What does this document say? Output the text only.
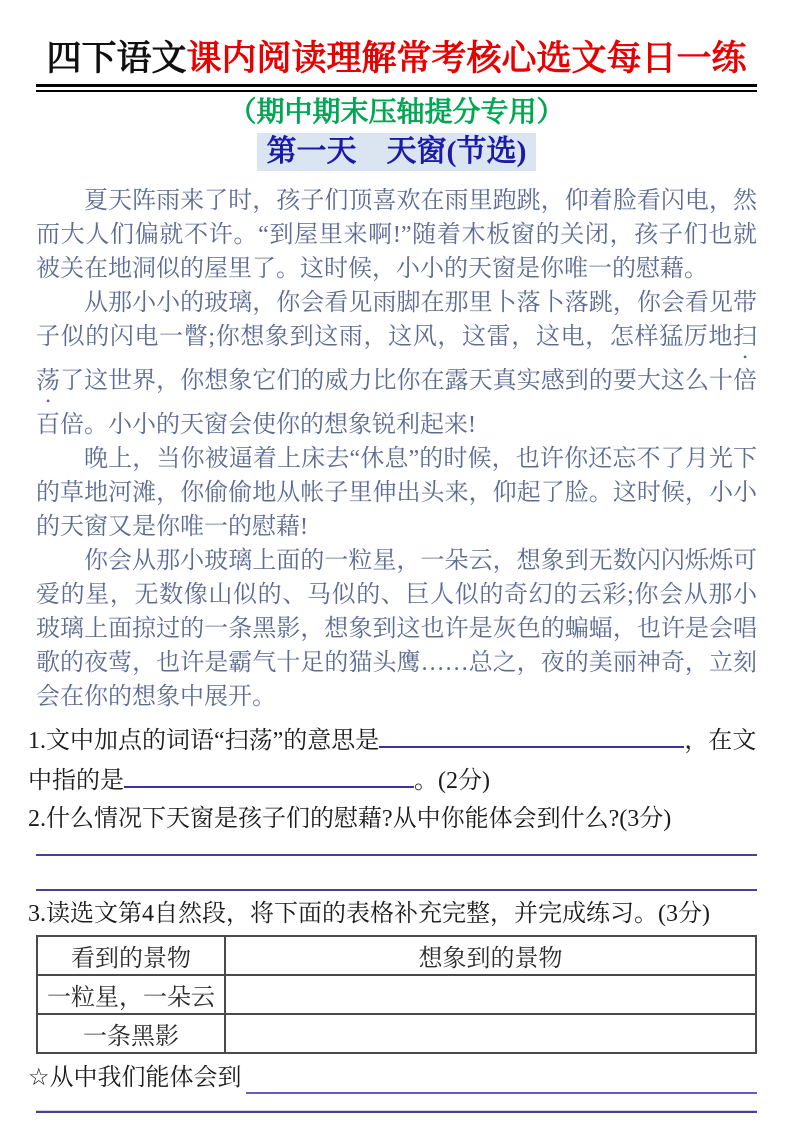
四下语文课内阅读理解常考核心选文每日一练
（期中期末压轴提分专用）
第一天　天窗(节选)

夏天阵雨来了时，孩子们顶喜欢在雨里跑跳，仰着脸看闪电，然而大人们偏就不许。“到屋里来啊!”随着木板窗的关闭，孩子们也就被关在地洞似的屋里了。这时候，小小的天窗是你唯一的慰藉。

从那小小的玻璃，你会看见雨脚在那里卜落卜落跳，你会看见带子似的闪电一瞥;你想象到这雨，这风，这雷，这电，怎样猛厉地扫荡了这世界，你想象它们的威力比你在露天真实感到的要大这么十倍百倍。小小的天窗会使你的想象锐利起来!

晚上，当你被逼着上床去“休息”的时候，也许你还忘不了月光下的草地河滩，你偷偷地从帐子里伸出头来，仰起了脸。这时候，小小的天窗又是你唯一的慰藉!

你会从那小玻璃上面的一粒星，一朵云，想象到无数闪闪烁烁可爱的星，无数像山似的、马似的、巨人似的奇幻的云彩;你会从那小玻璃上面掠过的一条黑影，想象到这也许是灰色的蝙蝠，也许是会唱歌的夜莺，也许是霸气十足的猫头鹰……总之，夜的美丽神奇，立刻会在你的想象中展开。

1.文中加点的词语“扫荡”的意思是	，在文中指的是	。(2分)

2.什么情况下天窗是孩子们的慰藉?从中你能体会到什么?(3分)

3.读选文第4自然段，将下面的表格补充完整，并完成练习。(3分)

看到的景物	想象到的景物
一粒星，一朵云	
一条黑影	
☆ 从中我们能体会到
